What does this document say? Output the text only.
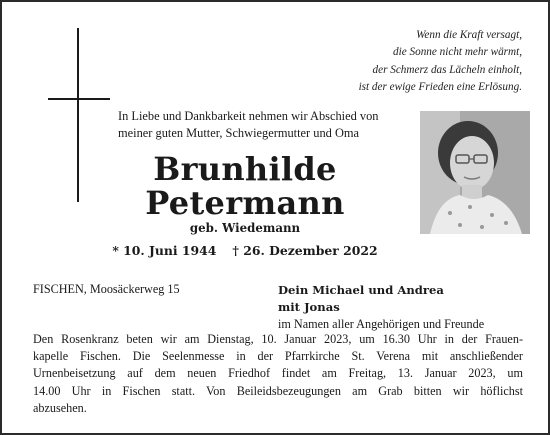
Wenn die Kraft versagt,
die Sonne nicht mehr wärmt,
der Schmerz das Lächeln einholt,
ist der ewige Frieden eine Erlösung.
In Liebe und Dankbarkeit nehmen wir Abschied von
meiner guten Mutter, Schwiegermutter und Oma
Brunhilde
Petermann
geb. Wiedemann
* 10. Juni 1944 † 26. Dezember 2022
FISCHEN, Moosäckerweg 15	Dein Michael und Andrea
mit Jonas
im Namen aller Angehörigen und Freunde
Den Rosenkranz beten wir am Dienstag, 10. Januar 2023, um 16.30 Uhr in der Frauen-
kapelle Fischen. Die Seelenmesse in der Pfarrkirche St. Verena mit anschließender
Urnenbeisetzung auf dem neuen Friedhof findet am Freitag, 13. Januar 2023, um
14.00 Uhr in Fischen statt. Von Beileidsbezeugungen am Grab bitten wir höflichst
abzusehen.
